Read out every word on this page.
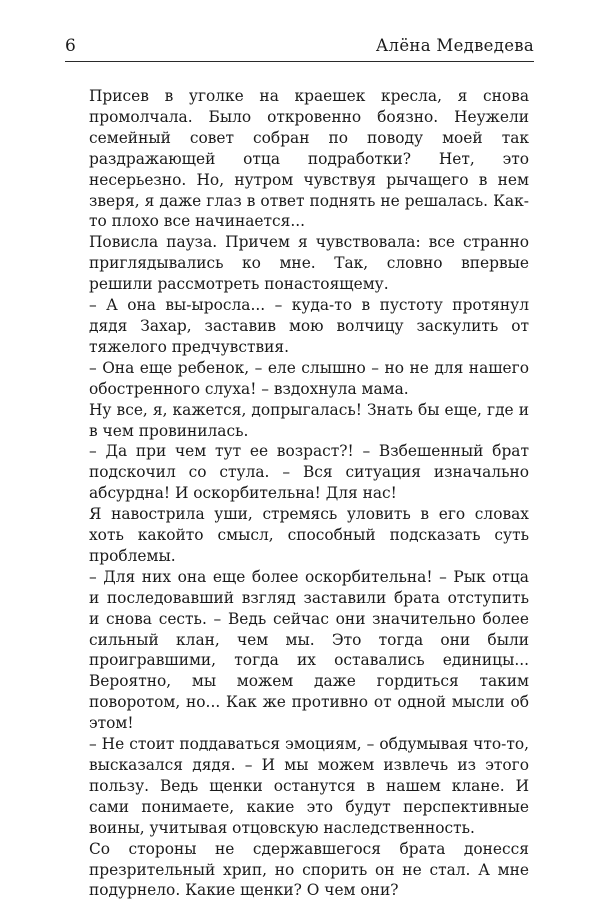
6	Алёна Медведева

Присев в уголке на краешек кресла, я снова промолчала. Было откровенно боязно. Неужели семейный совет собран по поводу моей так раздражающей отца подработки? Нет, это несерьезно. Но, нутром чувствуя рычащего в нем зверя, я даже глаз в ответ поднять не решалась. Как-то плохо все начинается...

Повисла пауза. Причем я чувствовала: все странно приглядывались ко мне. Так, словно впервые решили рассмотреть понастоящему.

– А она вы-ыросла... – куда-то в пустоту протянул дядя Захар, заставив мою волчицу заскулить от тяжелого предчувствия.

– Она еще ребенок, – еле слышно – но не для нашего обостренного слуха! – вздохнула мама.

Ну все, я, кажется, допрыгалась! Знать бы еще, где и в чем провинилась.

– Да при чем тут ее возраст?! – Взбешенный брат подскочил со стула. – Вся ситуация изначально абсурдна! И оскорбительна! Для нас!

Я навострила уши, стремясь уловить в его словах хоть какойто смысл, способный подсказать суть проблемы.

– Для них она еще более оскорбительна! – Рык отца и последовавший взгляд заставили брата отступить и снова сесть. – Ведь сейчас они значительно более сильный клан, чем мы. Это тогда они были проигравшими, тогда их оставались единицы... Вероятно, мы можем даже гордиться таким поворотом, но... Как же противно от одной мысли об этом!

– Не стоит поддаваться эмоциям, – обдумывая что-то, высказался дядя. – И мы можем извлечь из этого пользу. Ведь щенки останутся в нашем клане. И сами понимаете, какие это будут перспективные воины, учитывая отцовскую наследственность.

Со стороны не сдержавшегося брата донесся презрительный хрип, но спорить он не стал. А мне подурнело. Какие щенки? О чем они?
